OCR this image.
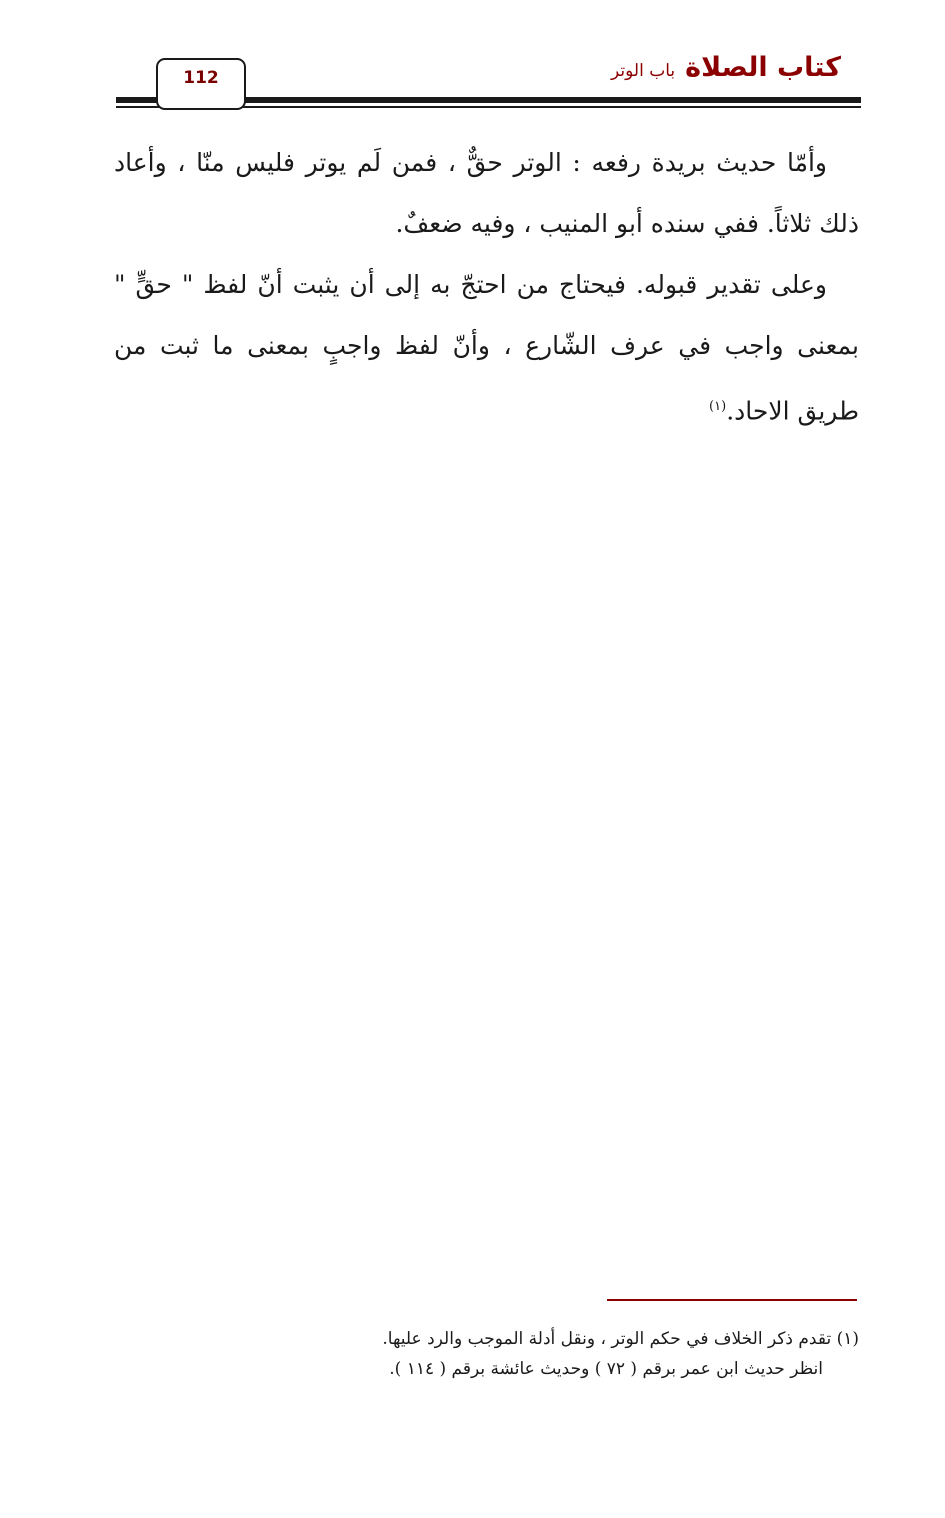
112	كتاب الصلاةباب الوتر

وأمّا حديث بريدة رفعه : الوتر حقٌّ ، فمن لَم يوتر فليس منّا ، وأعاد ذلك ثلاثاً. ففي سنده أبو المنيب ، وفيه ضعفٌ.

وعلى تقدير قبوله. فيحتاج من احتجّ به إلى أن يثبت أنّ لفظ " حقٍّ " بمعنى واجب في عرف الشّارع ، وأنّ لفظ واجبٍ بمعنى ما ثبت من طريق الاحاد.$^{(١)}$

(١) تقدم ذكر الخلاف في حكم الوتر ، ونقل أدلة الموجب والرد عليها.

انظر حديث ابن عمر برقم ( ٧٢ ) وحديث عائشة برقم ( ١١٤ ).
